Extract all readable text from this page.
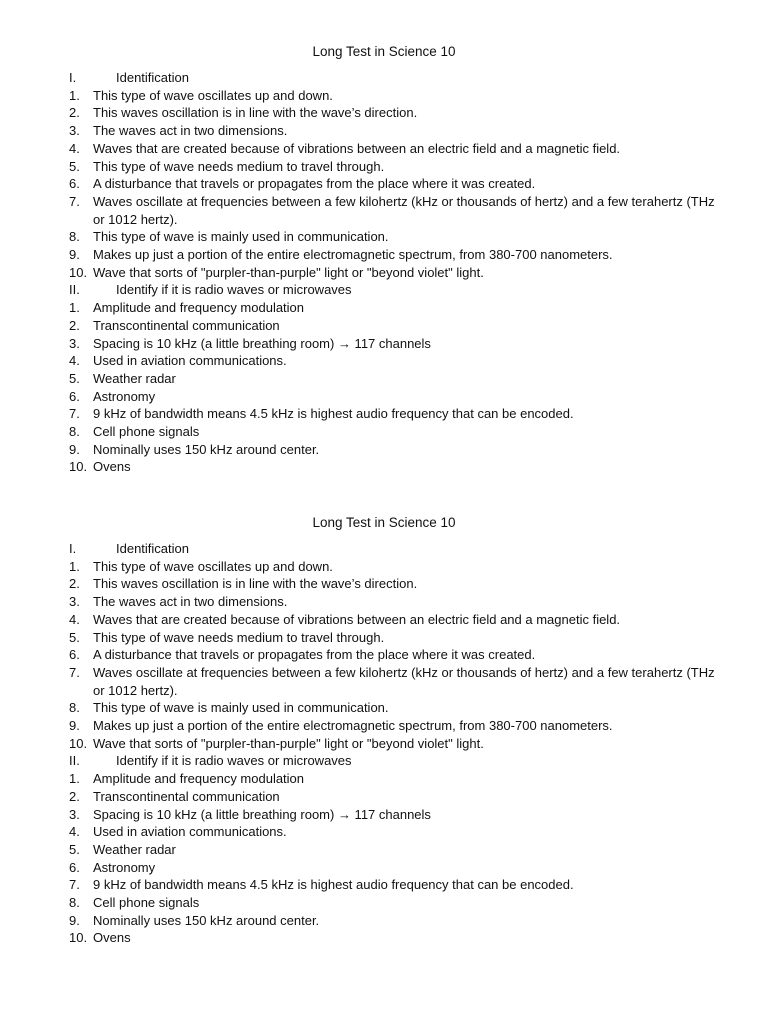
Long Test in Science 10
I.	Identification
1. This type of wave oscillates up and down.
2. This waves oscillation is in line with the wave’s direction.
3. The waves act in two dimensions.
4. Waves that are created because of vibrations between an electric field and a magnetic field.
5. This type of wave needs medium to travel through.
6. A disturbance that travels or propagates from the place where it was created.
7. Waves oscillate at frequencies between a few kilohertz (kHz or thousands of hertz) and a few terahertz (THz or 1012 hertz).
8. This type of wave is mainly used in communication.
9. Makes up just a portion of the entire electromagnetic spectrum, from 380-700 nanometers.
10. Wave that sorts of "purpler-than-purple" light or "beyond violet" light.
II.	Identify if it is radio waves or microwaves
1. Amplitude and frequency modulation
2. Transcontinental communication
3. Spacing is 10 kHz (a little breathing room) → 117 channels
4. Used in aviation communications.
5. Weather radar
6. Astronomy
7. 9 kHz of bandwidth means 4.5 kHz is highest audio frequency that can be encoded.
8. Cell phone signals
9. Nominally uses 150 kHz around center.
10. Ovens
Long Test in Science 10
I.	Identification
1. This type of wave oscillates up and down.
2. This waves oscillation is in line with the wave’s direction.
3. The waves act in two dimensions.
4. Waves that are created because of vibrations between an electric field and a magnetic field.
5. This type of wave needs medium to travel through.
6. A disturbance that travels or propagates from the place where it was created.
7. Waves oscillate at frequencies between a few kilohertz (kHz or thousands of hertz) and a few terahertz (THz or 1012 hertz).
8. This type of wave is mainly used in communication.
9. Makes up just a portion of the entire electromagnetic spectrum, from 380-700 nanometers.
10. Wave that sorts of "purpler-than-purple" light or "beyond violet" light.
II.	Identify if it is radio waves or microwaves
1. Amplitude and frequency modulation
2. Transcontinental communication
3. Spacing is 10 kHz (a little breathing room) → 117 channels
4. Used in aviation communications.
5. Weather radar
6. Astronomy
7. 9 kHz of bandwidth means 4.5 kHz is highest audio frequency that can be encoded.
8. Cell phone signals
9. Nominally uses 150 kHz around center.
10. Ovens
